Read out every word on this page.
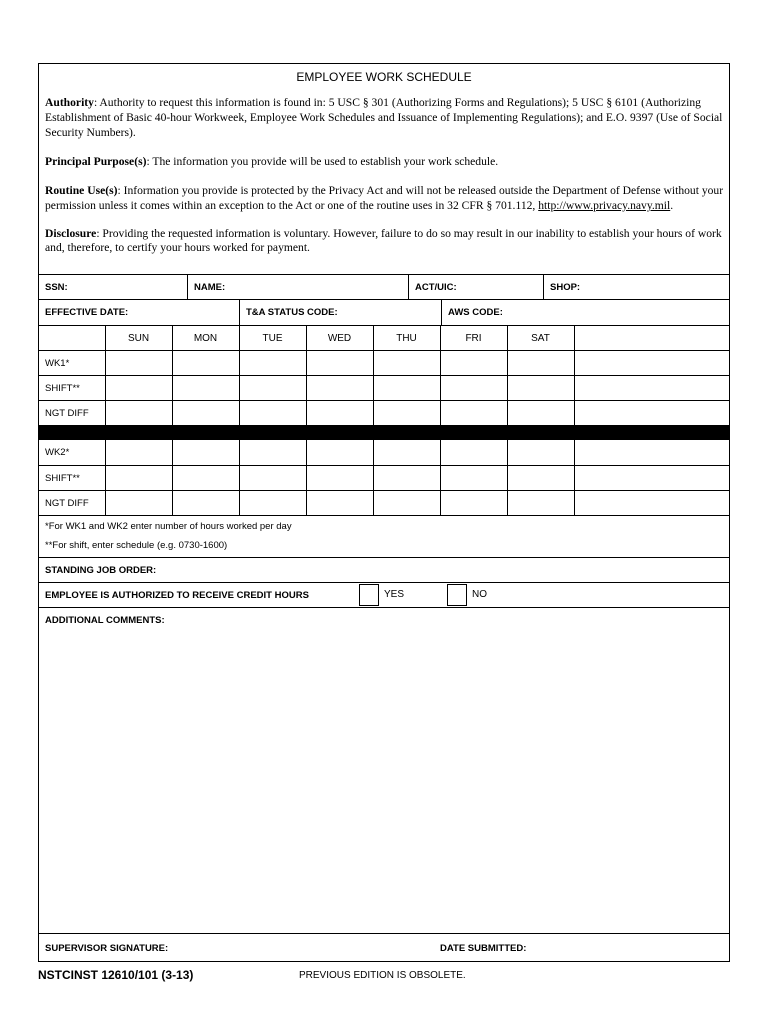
EMPLOYEE WORK SCHEDULE

Authority: Authority to request this information is found in: 5 USC § 301 (Authorizing Forms and Regulations); 5 USC § 6101 (Authorizing Establishment of Basic 40-hour Workweek, Employee Work Schedules and Issuance of Implementing Regulations); and E.O. 9397 (Use of Social Security Numbers).

Principal Purpose(s): The information you provide will be used to establish your work schedule.

Routine Use(s): Information you provide is protected by the Privacy Act and will not be released outside the Department of Defense without your permission unless it comes within an exception to the Act or one of the routine uses in 32 CFR § 701.112, http://www.privacy.navy.mil.

Disclosure: Providing the requested information is voluntary. However, failure to do so may result in our inability to establish your hours of work and, therefore, to certify your hours worked for payment.

SSN:	NAME:	ACT/UIC:	SHOP:
EFFECTIVE DATE:	T&A STATUS CODE:	AWS CODE:
SUN	MON	TUE	WED	THU	FRI	SAT
WK1*
SHIFT**
NGT DIFF
WK2*
SHIFT**
NGT DIFF
*For WK1 and WK2 enter number of hours worked per day
**For shift, enter schedule (e.g. 0730-1600)
STANDING JOB ORDER:
EMPLOYEE IS AUTHORIZED TO RECEIVE CREDIT HOURS	YES	NO
ADDITIONAL COMMENTS:
SUPERVISOR SIGNATURE:	DATE SUBMITTED:
NSTCINST 12610/101 (3-13)	PREVIOUS EDITION IS OBSOLETE.
